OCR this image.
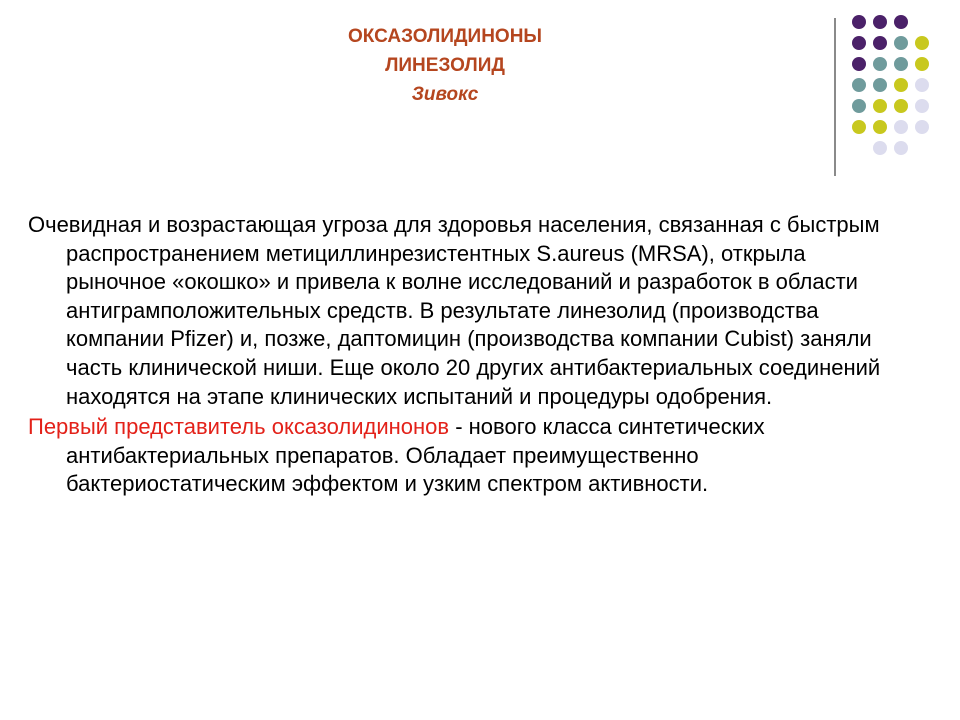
ОКСАЗОЛИДИНОНЫ
ЛИНЕЗОЛИД
Зивокс

Очевидная и возрастающая угроза для здоровья населения, связанная с быстрым распространением метициллинрезистентных S.aureus (MRSA), открыла рыночное «окошко» и привела к волне исследований и разработок в области антиграмположительных средств. В результате линезолид (производства компании Pfizer) и, позже, даптомицин (производства компании Cubist) заняли часть клинической ниши. Еще около 20 других антибактериальных соединений находятся на этапе клинических испытаний и процедуры одобрения.

Первый представитель оксазолидинонов - нового класса синтетических антибактериальных препаратов. Обладает преимущественно бактериостатическим эффектом и узким спектром активности.
